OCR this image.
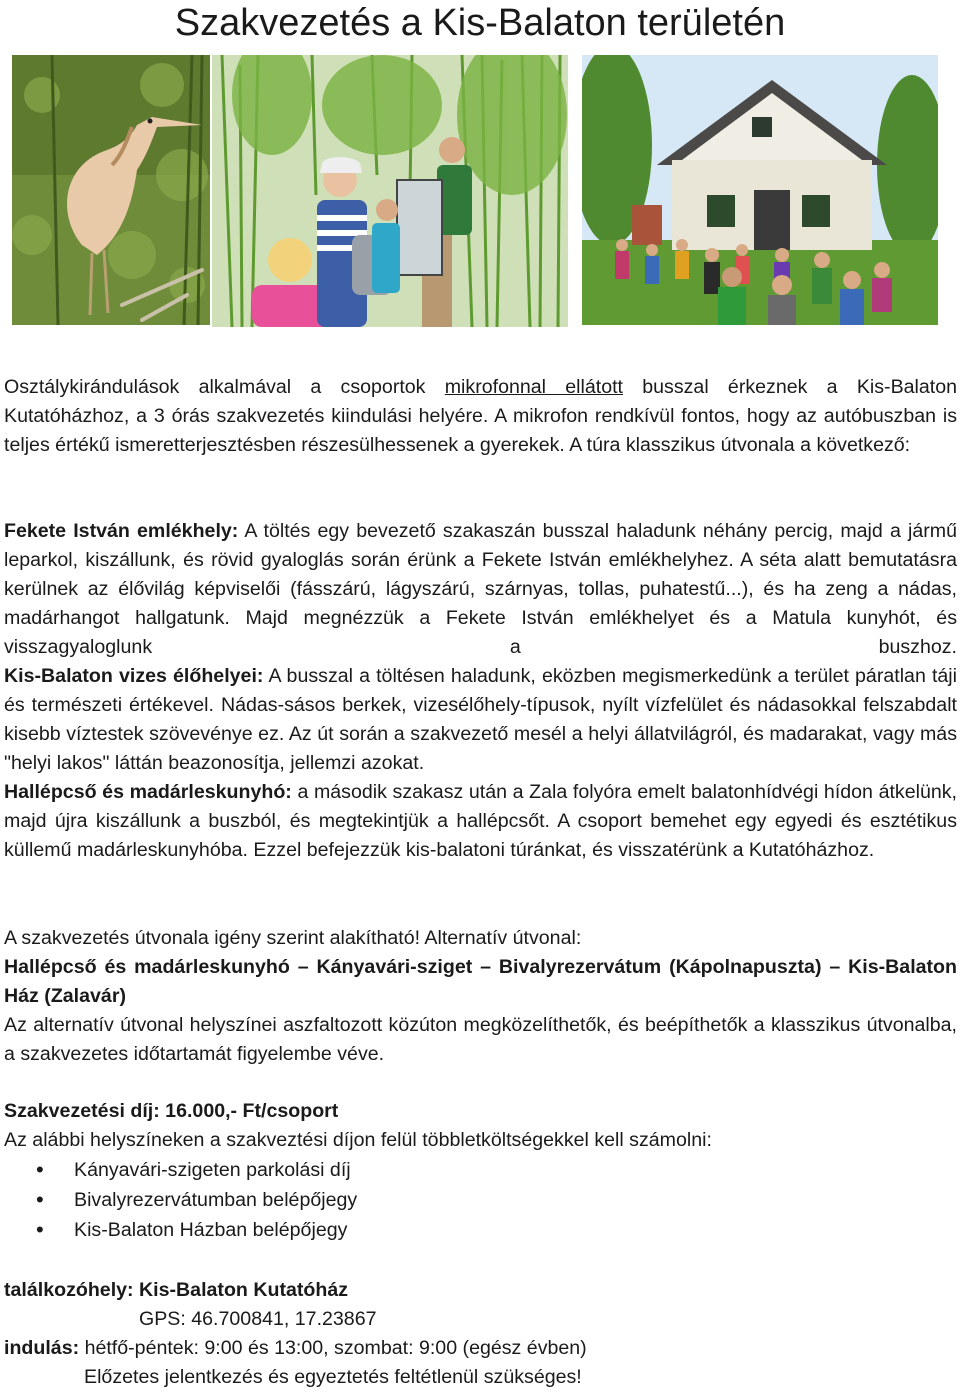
Szakvezetés a Kis-Balaton területén

Osztálykirándulások alkalmával a csoportok mikrofonnal ellátott busszal érkeznek a Kis-Balaton Kutatóházhoz, a 3 órás szakvezetés kiindulási helyére. A mikrofon rendkívül fontos, hogy az autóbuszban is teljes értékű ismeretterjesztésben részesülhessenek a gyerekek. A túra klasszikus útvonala a következő:

Fekete István emlékhely: A töltés egy bevezető szakaszán busszal haladunk néhány percig, majd a jármű leparkol, kiszállunk, és rövid gyaloglás során érünk a Fekete István emlékhelyhez. A séta alatt bemutatásra kerülnek az élővilág képviselői (fásszárú, lágyszárú, szárnyas, tollas, puhatestű...), és ha zeng a nádas, madárhangot hallgatunk. Majd megnézzük a Fekete István emlékhelyet és a Matula kunyhót, és visszagyaloglunk a buszhoz.

Kis-Balaton vizes élőhelyei: A busszal a töltésen haladunk, eközben megismerkedünk a terület páratlan táji és természeti értékevel. Nádas-sásos berkek, vizesélőhely-típusok, nyílt vízfelület és nádasokkal felszabdalt kisebb víztestek szövevénye ez. Az út során a szakvezető mesél a helyi állatvilágról, és madarakat, vagy más "helyi lakos" láttán beazonosítja, jellemzi azokat.

Hallépcső és madárleskunyhó: a második szakasz után a Zala folyóra emelt balatonhídvégi hídon átkelünk, majd újra kiszállunk a buszból, és megtekintjük a hallépcsőt. A csoport bemehet egy egyedi és esztétikus küllemű madárleskunyhóba. Ezzel befejezzük kis-balatoni túránkat, és visszatérünk a Kutatóházhoz.

A szakvezetés útvonala igény szerint alakítható! Alternatív útvonal:

Hallépcső és madárleskunyhó – Kányavári-sziget – Bivalyrezervátum (Kápolnapuszta) – Kis-Balaton Ház (Zalavár)

Az alternatív útvonal helyszínei aszfaltozott közúton megközelíthetők, és beépíthetők a klasszikus útvonalba, a szakvezetes időtartamát figyelembe véve.

Szakvezetési díj: 16.000,- Ft/csoport

Az alábbi helyszíneken a szakveztési díjon felül többletköltségekkel kell számolni:

• Kányavári-szigeten parkolási díj
• Bivalyrezervátumban belépőjegy
• Kis-Balaton Házban belépőjegy

találkozóhely: Kis-Balaton Kutatóház

GPS: 46.700841, 17.23867

indulás: hétfő-péntek: 9:00 és 13:00, szombat: 9:00 (egész évben)

Előzetes jelentkezés és egyeztetés feltétlenül szükséges!
